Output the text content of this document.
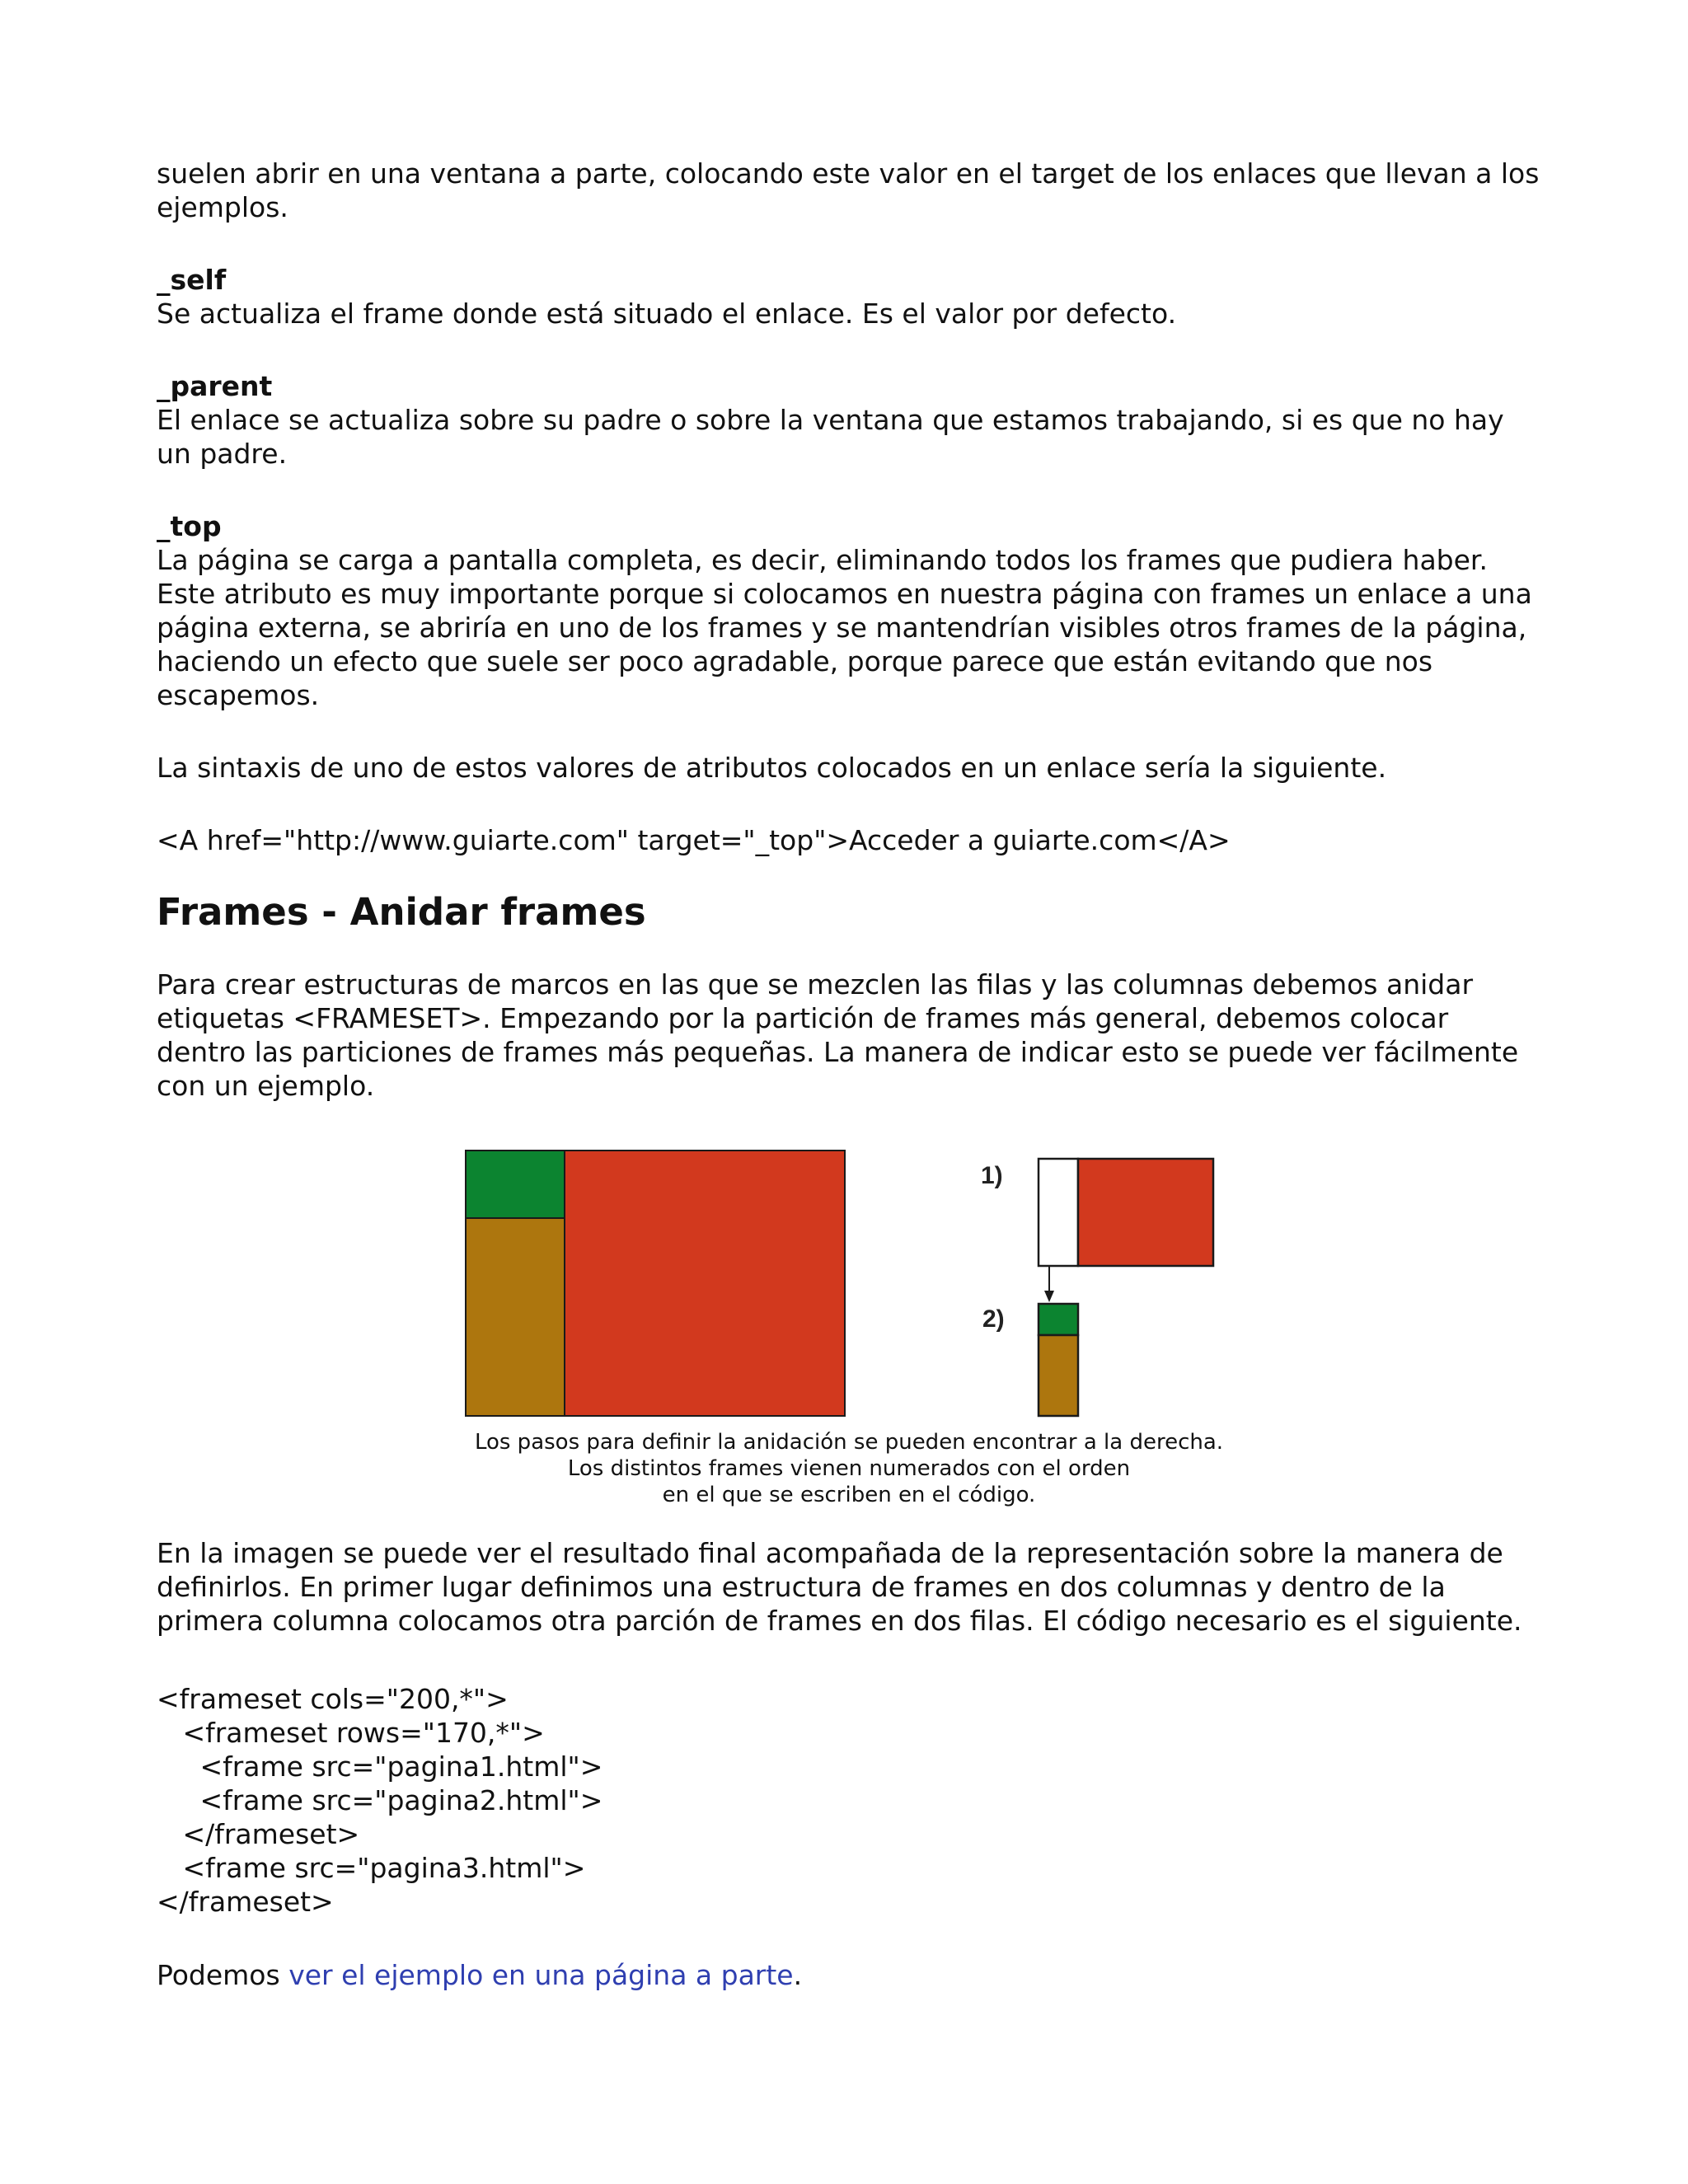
suelen abrir en una ventana a parte, colocando este valor en el target de los enlaces que llevan a los ejemplos.

_self

Se actualiza el frame donde está situado el enlace. Es el valor por defecto.

_parent

El enlace se actualiza sobre su padre o sobre la ventana que estamos trabajando, si es que no hay un padre.

_top

La página se carga a pantalla completa, es decir, eliminando todos los frames que pudiera haber. Este atributo es muy importante porque si colocamos en nuestra página con frames un enlace a una página externa, se abriría en uno de los frames y se mantendrían visibles otros frames de la página, haciendo un efecto que suele ser poco agradable, porque parece que están evitando que nos escapemos.

La sintaxis de uno de estos valores de atributos colocados en un enlace sería la siguiente.

<A href="http://www.guiarte.com" target="_top">Acceder a guiarte.com</A>

Frames - Anidar frames

Para crear estructuras de marcos en las que se mezclen las filas y las columnas debemos anidar etiquetas <FRAMESET>. Empezando por la partición de frames más general, debemos colocar dentro las particiones de frames más pequeñas. La manera de indicar esto se puede ver fácilmente con un ejemplo.

1)
2)
Los pasos para definir la anidación se pueden encontrar a la derecha.
Los distintos frames vienen numerados con el orden
en el que se escriben en el código.

En la imagen se puede ver el resultado final acompañada de la representación sobre la manera de definirlos. En primer lugar definimos una estructura de frames en dos columnas y dentro de la primera columna colocamos otra parción de frames en dos filas. El código necesario es el siguiente.

<frameset cols="200,*">
<frameset rows="170,*">
<frame src="pagina1.html">
<frame src="pagina2.html">
</frameset>
<frame src="pagina3.html">
</frameset>

Podemos ver el ejemplo en una página a parte.
